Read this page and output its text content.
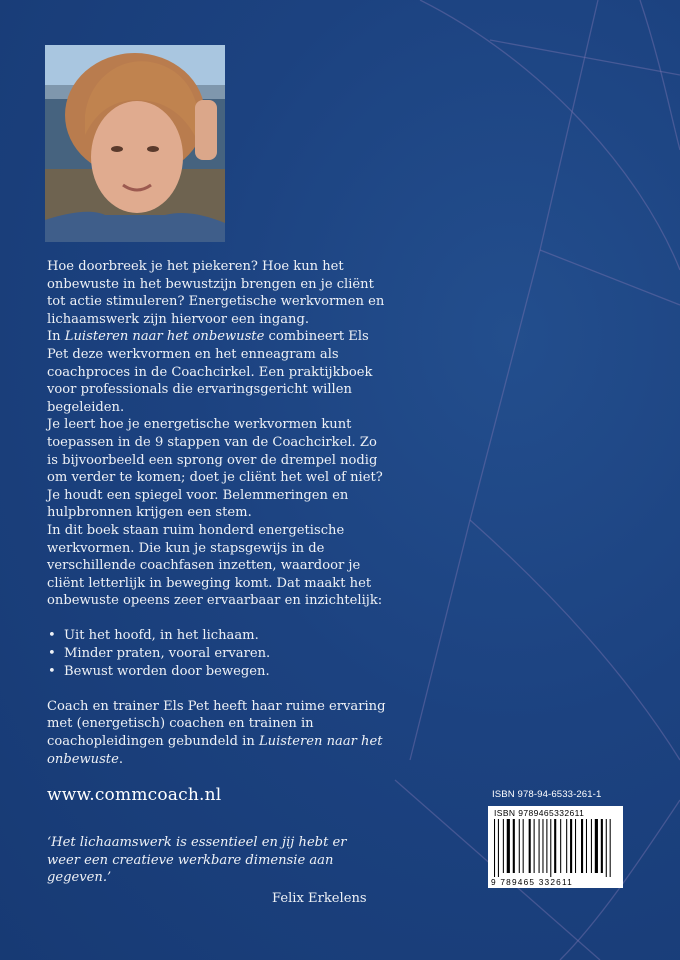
Hoe doorbreek je het piekeren? Hoe kun het onbewuste in het bewustzijn brengen en je cliënt tot actie stimuleren? Energetische werkvormen en lichaamswerk zijn hiervoor een ingang.

In Luisteren naar het onbewuste combineert Els Pet deze werkvormen en het enneagram als coachproces in de Coachcirkel. Een praktijkboek voor professionals die ervaringsgericht willen begeleiden.

Je leert hoe je energetische werkvormen kunt toepassen in de 9 stappen van de Coachcirkel. Zo is bijvoorbeeld een sprong over de drempel nodig om verder te komen; doet je cliënt het wel of niet? Je houdt een spiegel voor. Belemmeringen en hulpbronnen krijgen een stem.

In dit boek staan ruim honderd energetische werkvormen. Die kun je stapsgewijs in de verschillende coachfasen inzetten, waardoor je cliënt letterlijk in beweging komt. Dat maakt het onbewuste opeens zeer ervaarbaar en inzichtelijk:

• Uit het hoofd, in het lichaam.
• Minder praten, vooral ervaren.
• Bewust worden door bewegen.

Coach en trainer Els Pet heeft haar ruime ervaring met (energetisch) coachen en trainen in coachopleidingen gebundeld in Luisteren naar het onbewuste.

www.commcoach.nl
‘Het lichaamswerk is essentieel en jij hebt er weer een creatieve werkbare dimensie aan gegeven.’
Felix Erkelens
ISBN 978-94-6533-261-1
ISBN 9789465332611
9 789465 332611
